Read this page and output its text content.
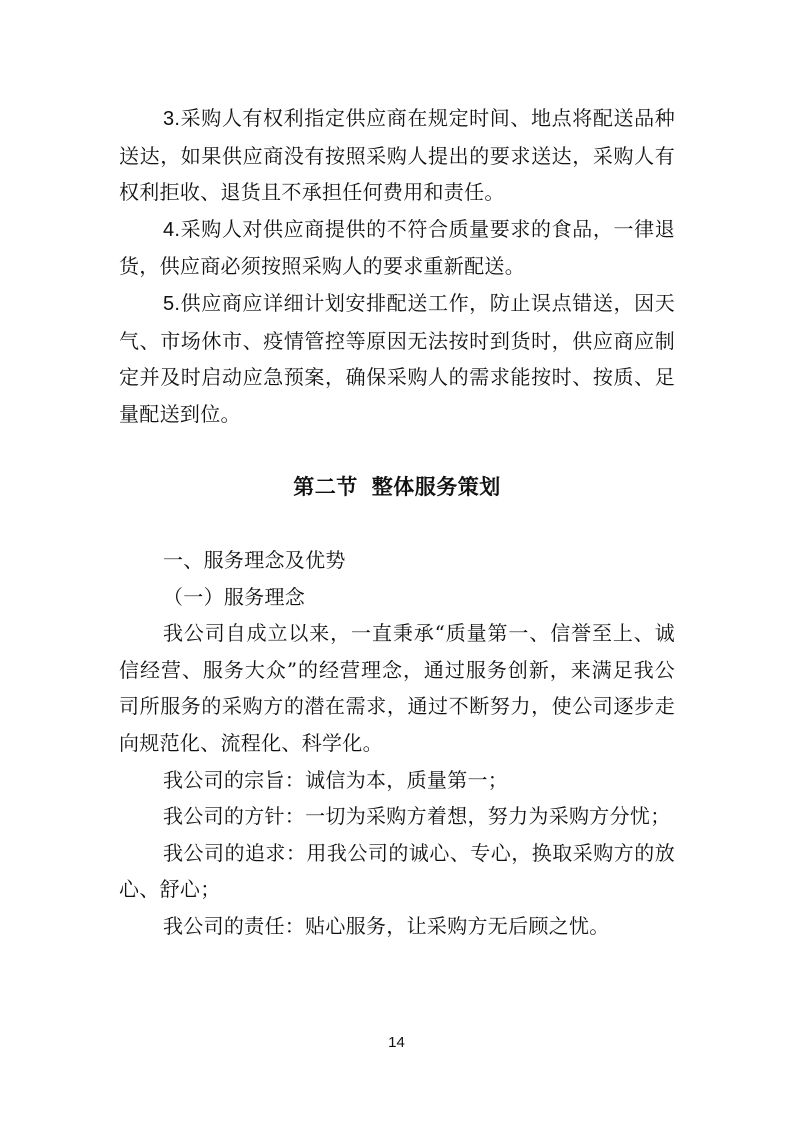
3.采购人有权利指定供应商在规定时间、地点将配送品种送达，如果供应商没有按照采购人提出的要求送达，采购人有权利拒收、退货且不承担任何费用和责任。

4.采购人对供应商提供的不符合质量要求的食品，一律退货，供应商必须按照采购人的要求重新配送。

5.供应商应详细计划安排配送工作，防止误点错送，因天气、市场休市、疫情管控等原因无法按时到货时，供应商应制定并及时启动应急预案，确保采购人的需求能按时、按质、足量配送到位。

第二节 整体服务策划

一、服务理念及优势

（一）服务理念

我公司自成立以来，一直秉承“质量第一、信誉至上、诚信经营、服务大众”的经营理念，通过服务创新，来满足我公司所服务的采购方的潜在需求，通过不断努力，使公司逐步走向规范化、流程化、科学化。

我公司的宗旨：诚信为本，质量第一；

我公司的方针：一切为采购方着想，努力为采购方分忧；

我公司的追求：用我公司的诚心、专心，换取采购方的放心、舒心；

我公司的责任：贴心服务，让采购方无后顾之忧。

14
